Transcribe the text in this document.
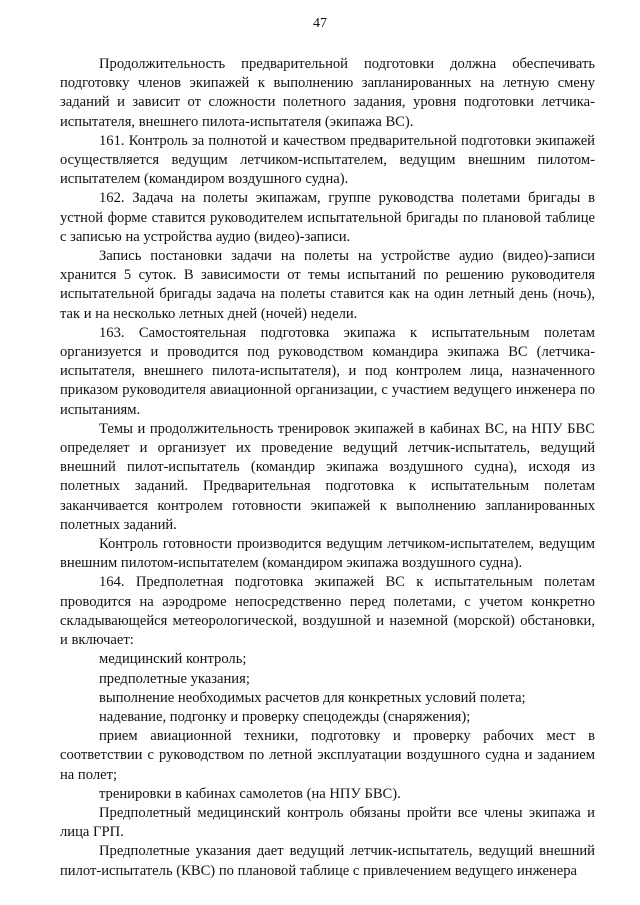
47

Продолжительность предварительной подготовки должна обеспечивать подготовку членов экипажей к выполнению запланированных на летную смену заданий и зависит от сложности полетного задания, уровня подготовки летчика-испытателя, внешнего пилота-испытателя (экипажа ВС).

161. Контроль за полнотой и качеством предварительной подготовки экипажей осуществляется ведущим летчиком-испытателем, ведущим внешним пилотом-испытателем (командиром воздушного судна).

162. Задача на полеты экипажам, группе руководства полетами бригады в устной форме ставится руководителем испытательной бригады по плановой таблице с записью на устройства аудио (видео)-записи.

Запись постановки задачи на полеты на устройстве аудио (видео)-записи хранится 5 суток. В зависимости от темы испытаний по решению руководителя испытательной бригады задача на полеты ставится как на один летный день (ночь), так и на несколько летных дней (ночей) недели.

163. Самостоятельная подготовка экипажа к испытательным полетам организуется и проводится под руководством командира экипажа ВС (летчика-испытателя, внешнего пилота-испытателя), и под контролем лица, назначенного приказом руководителя авиационной организации, с участием ведущего инженера по испытаниям.

Темы и продолжительность тренировок экипажей в кабинах ВС, на НПУ БВС определяет и организует их проведение ведущий летчик-испытатель, ведущий внешний пилот-испытатель (командир экипажа воздушного судна), исходя из полетных заданий. Предварительная подготовка к испытательным полетам заканчивается контролем готовности экипажей к выполнению запланированных полетных заданий.

Контроль готовности производится ведущим летчиком-испытателем, ведущим внешним пилотом-испытателем (командиром экипажа воздушного судна).

164. Предполетная подготовка экипажей ВС к испытательным полетам проводится на аэродроме непосредственно перед полетами, с учетом конкретно складывающейся метеорологической, воздушной и наземной (морской) обстановки, и включает:

медицинский контроль;

предполетные указания;

выполнение необходимых расчетов для конкретных условий полета;

надевание, подгонку и проверку спецодежды (снаряжения);

прием авиационной техники, подготовку и проверку рабочих мест в соответствии с руководством по летной эксплуатации воздушного судна и заданием на полет;

тренировки в кабинах самолетов (на НПУ БВС).

Предполетный медицинский контроль обязаны пройти все члены экипажа и лица ГРП.

Предполетные указания дает ведущий летчик-испытатель, ведущий внешний пилот-испытатель (КВС) по плановой таблице с привлечением ведущего инженера
